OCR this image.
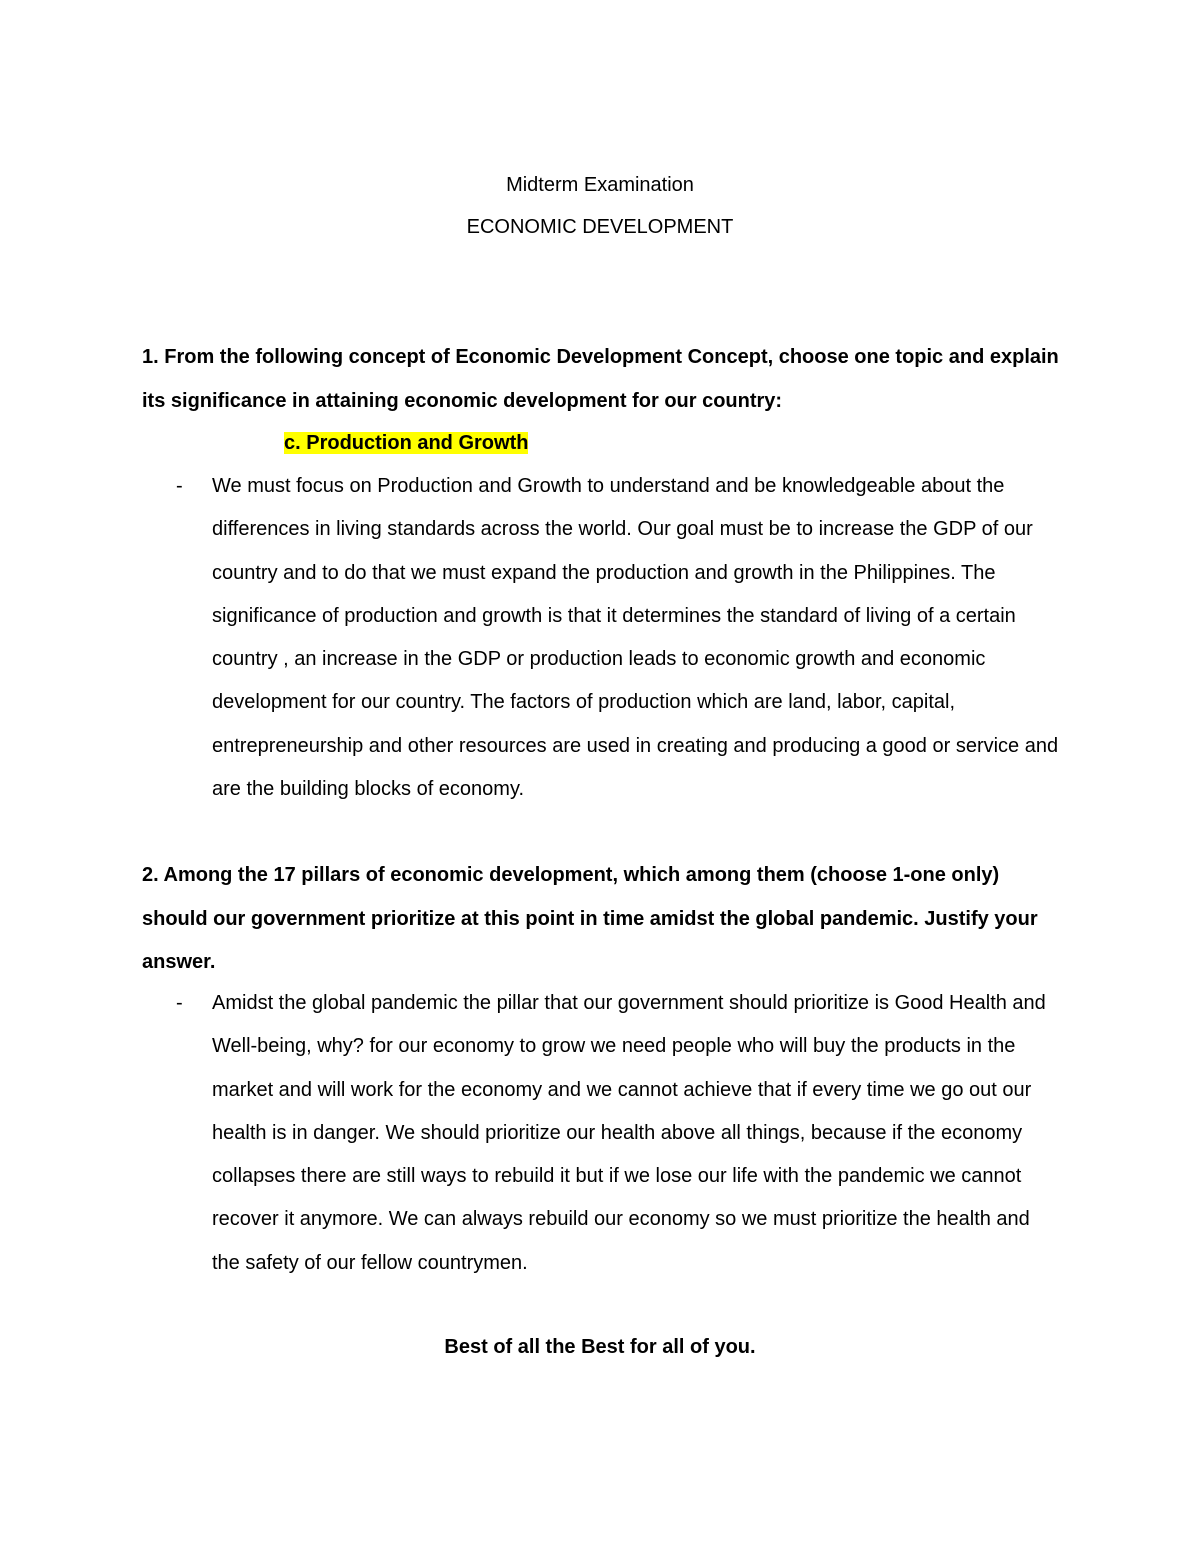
Midterm Examination
ECONOMIC DEVELOPMENT

1. From the following concept of Economic Development Concept, choose one topic and explain its significance in attaining economic development for our country:

c. Production and Growth
- We must focus on Production and Growth to understand and be knowledgeable about the differences in living standards across the world. Our goal must be to increase the GDP of our country and to do that we must expand the production and growth in the Philippines. The significance of production and growth is that it determines the standard of living of a certain country , an increase in the GDP or production leads to economic growth and economic development for our country. The factors of production which are land, labor, capital, entrepreneurship and other resources are used in creating and producing a good or service and are the building blocks of economy.

2. Among the 17 pillars of economic development, which among them (choose 1-one only) should our government prioritize at this point in time amidst the global pandemic. Justify your answer.

- Amidst the global pandemic the pillar that our government should prioritize is Good Health and Well-being, why? for our economy to grow we need people who will buy the products in the market and will work for the economy and we cannot achieve that if every time we go out our health is in danger. We should prioritize our health above all things, because if the economy collapses there are still ways to rebuild it but if we lose our life with the pandemic we cannot recover it anymore. We can always rebuild our economy so we must prioritize the health and the safety of our fellow countrymen.

Best of all the Best for all of you.
